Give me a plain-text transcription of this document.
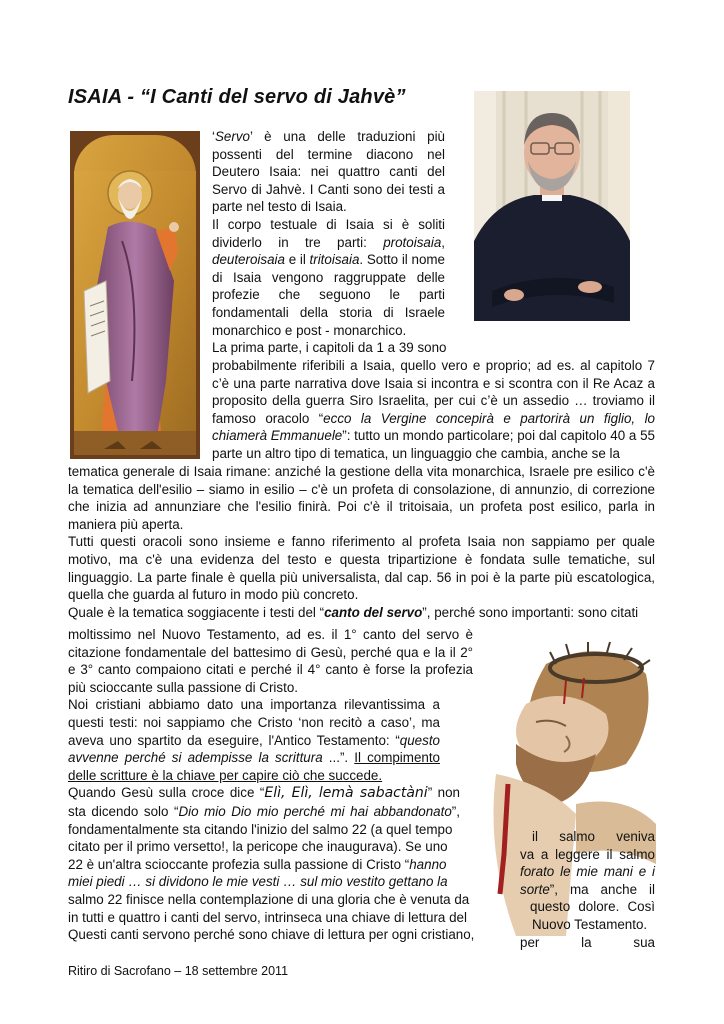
ISAIA - “I Canti del servo di Jahvè”

‘Servo’ è una delle traduzioni più possenti del termine diacono nel Deutero Isaia: nei quattro canti del Servo di Jahvè. I Canti sono dei testi a parte nel testo di Isaia.

Il corpo testuale di Isaia si è soliti dividerlo in tre parti: protoisaia, deuteroisaia e il tritoisaia. Sotto il nome di Isaia vengono raggruppate delle profezie che seguono le parti fondamentali della storia di Israele monarchico e post - monarchico.

La prima parte, i capitoli da 1 a 39 sono

probabilmente riferibili a Isaia, quello vero e proprio; ad es. al capitolo 7 c’è una parte narrativa dove Isaia si incontra e si scontra con il Re Acaz a proposito della guerra Siro Israelita, per cui c’è un assedio … troviamo il famoso oracolo “ecco la Vergine concepirà e partorirà un figlio, lo chiamerà Emmanuele”: tutto un mondo particolare; poi dal capitolo 40 a 55 parte un altro tipo di tematica, un linguaggio che cambia, anche se la

tematica generale di Isaia rimane: anziché la gestione della vita monarchica, Israele pre esilico c'è la tematica dell'esilio – siamo in esilio – c'è un profeta di consolazione, di annunzio, di correzione che inizia ad annunziare che l'esilio finirà. Poi c'è il tritoisaia, un profeta post esilico, parla in maniera più aperta.

Tutti questi oracoli sono insieme e fanno riferimento al profeta Isaia non sappiamo per quale motivo, ma c'è una evidenza del testo e questa tripartizione è fondata sulle tematiche, sul linguaggio. La parte finale è quella più universalista, dal cap. 56 in poi è la parte più escatologica, quella che guarda al futuro in modo più concreto.

Quale è la tematica soggiacente i testi del “canto del servo”, perché sono importanti: sono citati

moltissimo nel Nuovo Testamento, ad es. il 1° canto del servo è citazione fondamentale del battesimo di Gesù, perché qua e la il 2° e 3° canto compaiono citati e perché il 4° canto è forse la profezia più scioccante sulla passione di Cristo.

Noi cristiani abbiamo dato una importanza rilevantissima a questi testi: noi sappiamo che Cristo ‘non recitò a caso’, ma aveva uno spartito da eseguire, l'Antico Testamento: “questo avvenne perché si adempisse la scrittura ...”. Il compimento delle scritture è la chiave per capire ciò che succede.

Quando Gesù sulla croce dice “Elì, Elì, lemà sabactàni” non sta dicendo solo “Dio mio Dio mio perché mi hai abbandonato”, fondamentalmente sta citando l'inizio del salmo 22 (a quel tempo

citato per il primo versetto!, la pericope che inaugurava). Se uno

22 è un'altra scioccante profezia sulla passione di Cristo “hanno

miei piedi … si dividono le mie vesti … sul mio vestito gettano la

salmo 22 finisce nella contemplazione di una gloria che è venuta da

in tutti e quattro i canti del servo, intrinseca una chiave di lettura del

Questi canti servono perché sono chiave di lettura per ogni cristiano,

il salmo veniva

va a leggere il salmo

forato le mie mani e i

sorte”, ma anche il

questo dolore. Così

Nuovo Testamento.

per la sua

Ritiro di Sacrofano – 18 settembre 2011
